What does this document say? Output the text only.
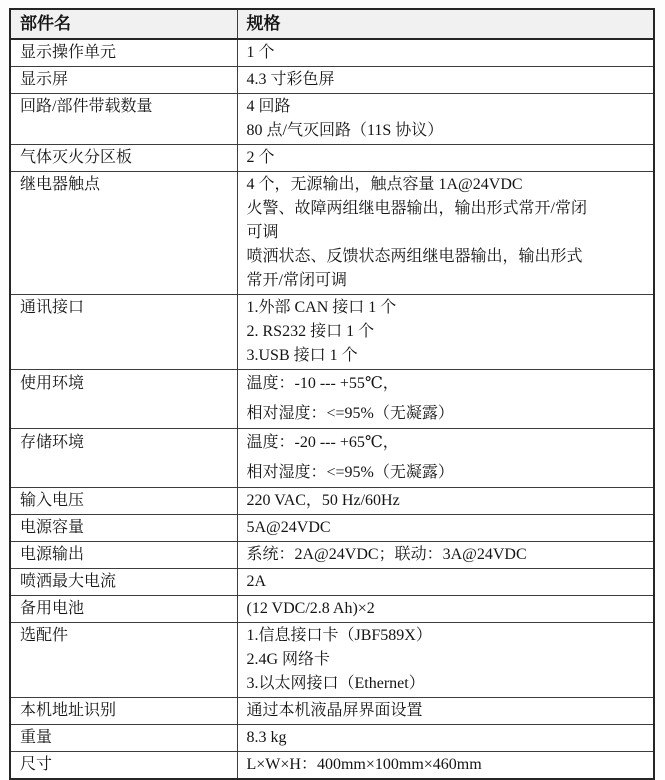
部件名	规格
显示操作单元	1 个

显示屏	4.3 寸彩色屏

回路/部件带载数量	4 回路
80 点/气灭回路（11S 协议）

气体灭火分区板	2 个

继电器触点	4 个，无源输出，触点容量 1A@24VDC
火警、故障两组继电器输出，输出形式常开/常闭
可调
喷洒状态、反馈状态两组继电器输出，输出形式
常开/常闭可调

通讯接口	1.外部 CAN 接口 1 个
2. RS232 接口 1 个
3.USB 接口 1 个

使用环境	温度：-10 --- +55℃，
相对湿度：<=95%（无凝露）

存储环境	温度：-20 --- +65℃，
相对湿度：<=95%（无凝露）

输入电压	220 VAC，50 Hz/60Hz

电源容量	5A@24VDC

电源输出	系统：2A@24VDC；联动：3A@24VDC

喷洒最大电流	2A

备用电池	(12 VDC/2.8 Ah)×2

选配件	1.信息接口卡（JBF589X）
2.4G 网络卡
3.以太网接口（Ethernet）

本机地址识别	通过本机液晶屏界面设置

重量	8.3 kg

尺寸	L×W×H：400mm×100mm×460mm
